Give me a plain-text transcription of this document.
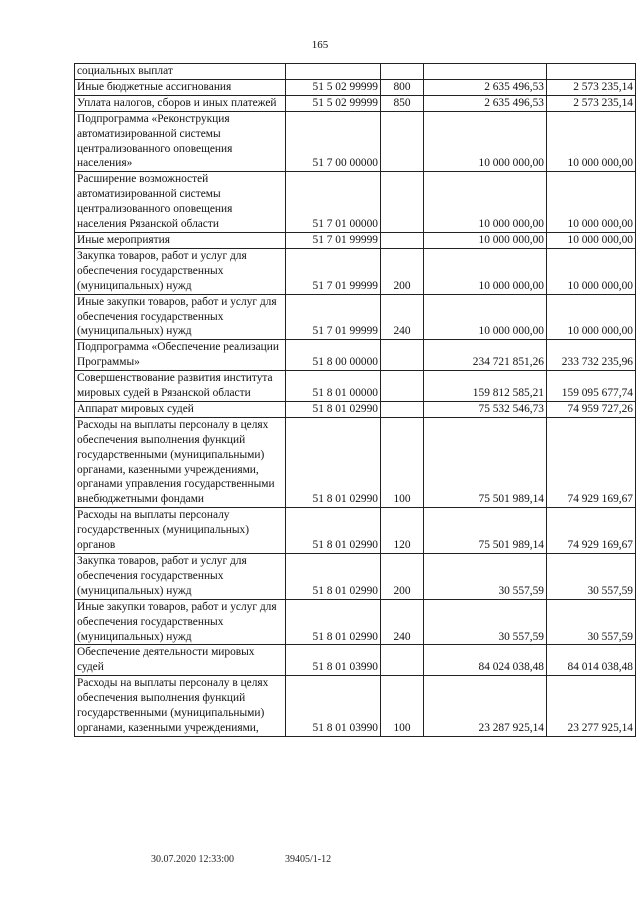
165
социальных выплат				
Иные бюджетные ассигнования	51 5 02 99999	800	2 635 496,53	2 573 235,14
Уплата налогов, сборов и иных платежей	51 5 02 99999	850	2 635 496,53	2 573 235,14
Подпрограмма «Реконструкция автоматизированной системы централизованного оповещения населения»	51 7 00 00000		10 000 000,00	10 000 000,00
Расширение возможностей автоматизированной системы централизованного оповещения населения Рязанской области	51 7 01 00000		10 000 000,00	10 000 000,00
Иные мероприятия	51 7 01 99999		10 000 000,00	10 000 000,00
Закупка товаров, работ и услуг для обеспечения государственных (муниципальных) нужд	51 7 01 99999	200	10 000 000,00	10 000 000,00
Иные закупки товаров, работ и услуг для обеспечения государственных (муниципальных) нужд	51 7 01 99999	240	10 000 000,00	10 000 000,00
Подпрограмма «Обеспечение реализации Программы»	51 8 00 00000		234 721 851,26	233 732 235,96
Совершенствование развития института мировых судей в Рязанской области	51 8 01 00000		159 812 585,21	159 095 677,74
Аппарат мировых судей	51 8 01 02990		75 532 546,73	74 959 727,26
Расходы на выплаты персоналу в целях обеспечения выполнения функций государственными (муниципальными) органами, казенными учреждениями, органами управления государственными внебюджетными фондами	51 8 01 02990	100	75 501 989,14	74 929 169,67
Расходы на выплаты персоналу государственных (муниципальных) органов	51 8 01 02990	120	75 501 989,14	74 929 169,67
Закупка товаров, работ и услуг для обеспечения государственных (муниципальных) нужд	51 8 01 02990	200	30 557,59	30 557,59
Иные закупки товаров, работ и услуг для обеспечения государственных (муниципальных) нужд	51 8 01 02990	240	30 557,59	30 557,59
Обеспечение деятельности мировых судей	51 8 01 03990		84 024 038,48	84 014 038,48
Расходы на выплаты персоналу в целях обеспечения выполнения функций государственными (муниципальными) органами, казенными учреждениями,	51 8 01 03990	100	23 287 925,14	23 277 925,14
30.07.2020 12:33:00	39405/1-12
